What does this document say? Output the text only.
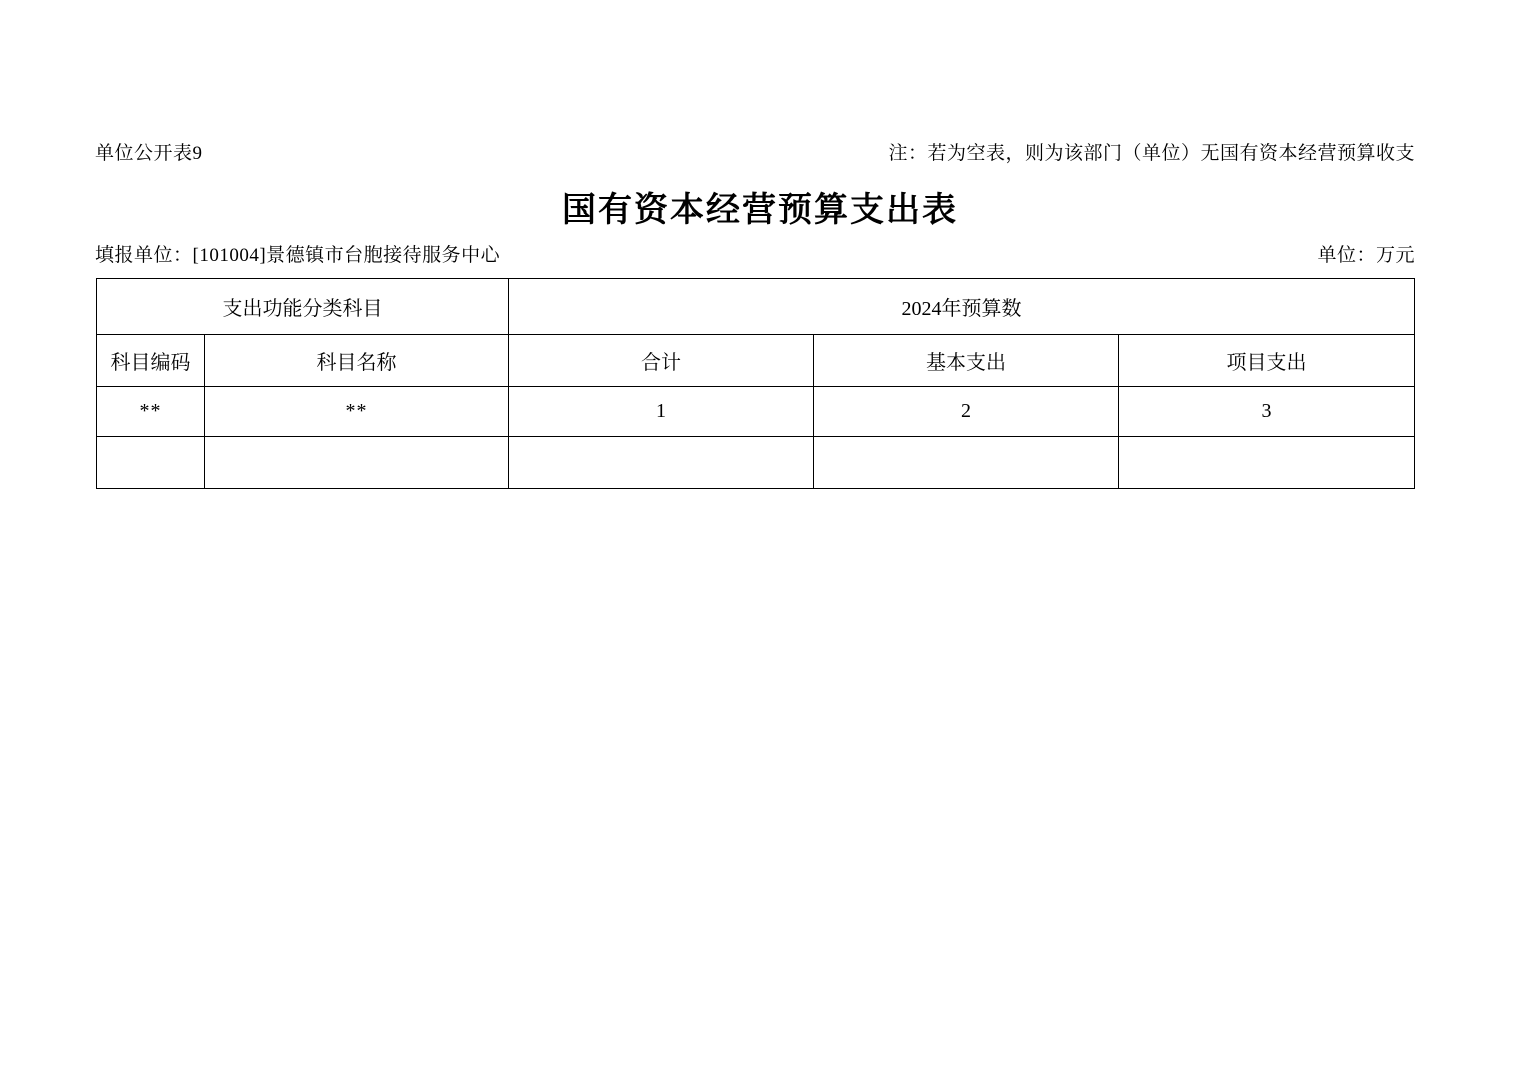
单位公开表9	注：若为空表，则为该部门（单位）无国有资本经营预算收支
国有资本经营预算支出表
填报单位：[101004]景德镇市台胞接待服务中心	单位：万元
支出功能分类科目		2024年预算数		
科目编码	科目名称	合计	基本支出	项目支出
**	**	1	2	3
